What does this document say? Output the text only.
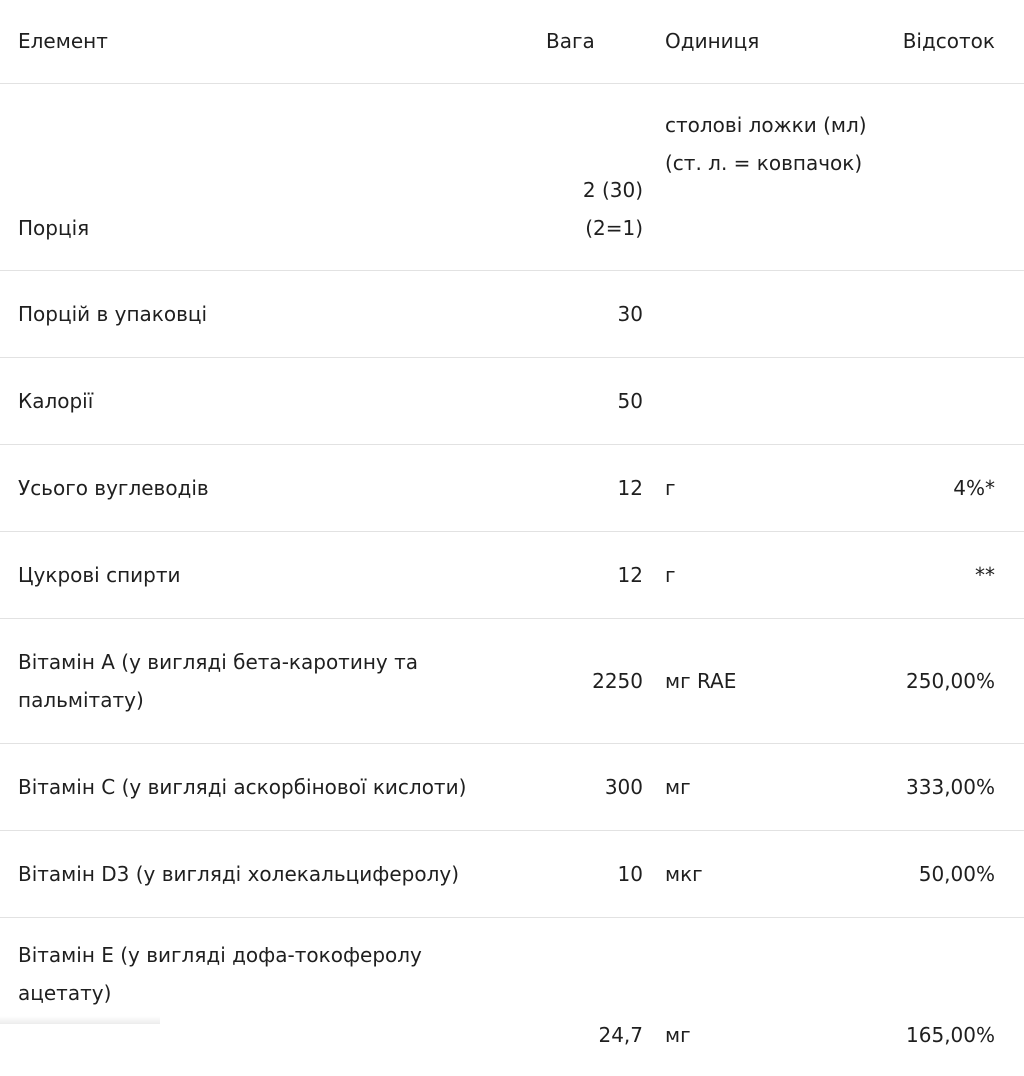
Елемент	Вага	Одиниця	Відсоток
Порція	2 (30) (2=1)	столові ложки (мл) (ст. л. = ковпачок)	
Порцій в упаковці	30		
Калорії	50		
Усього вуглеводів	12	г	4%*
Цукрові спирти	12	г	**
Вітамін A (у вигляді бета-каротину та пальмітату)	2250	мг RAE	250,00%
Вітамін C (у вигляді аскорбінової кислоти)	300	мг	333,00%
Вітамін D3 (у вигляді холекальциферолу)	10	мкг	50,00%
Вітамін E (у вигляді дофа-токоферолу ацетату)	24,7	мг	165,00%
